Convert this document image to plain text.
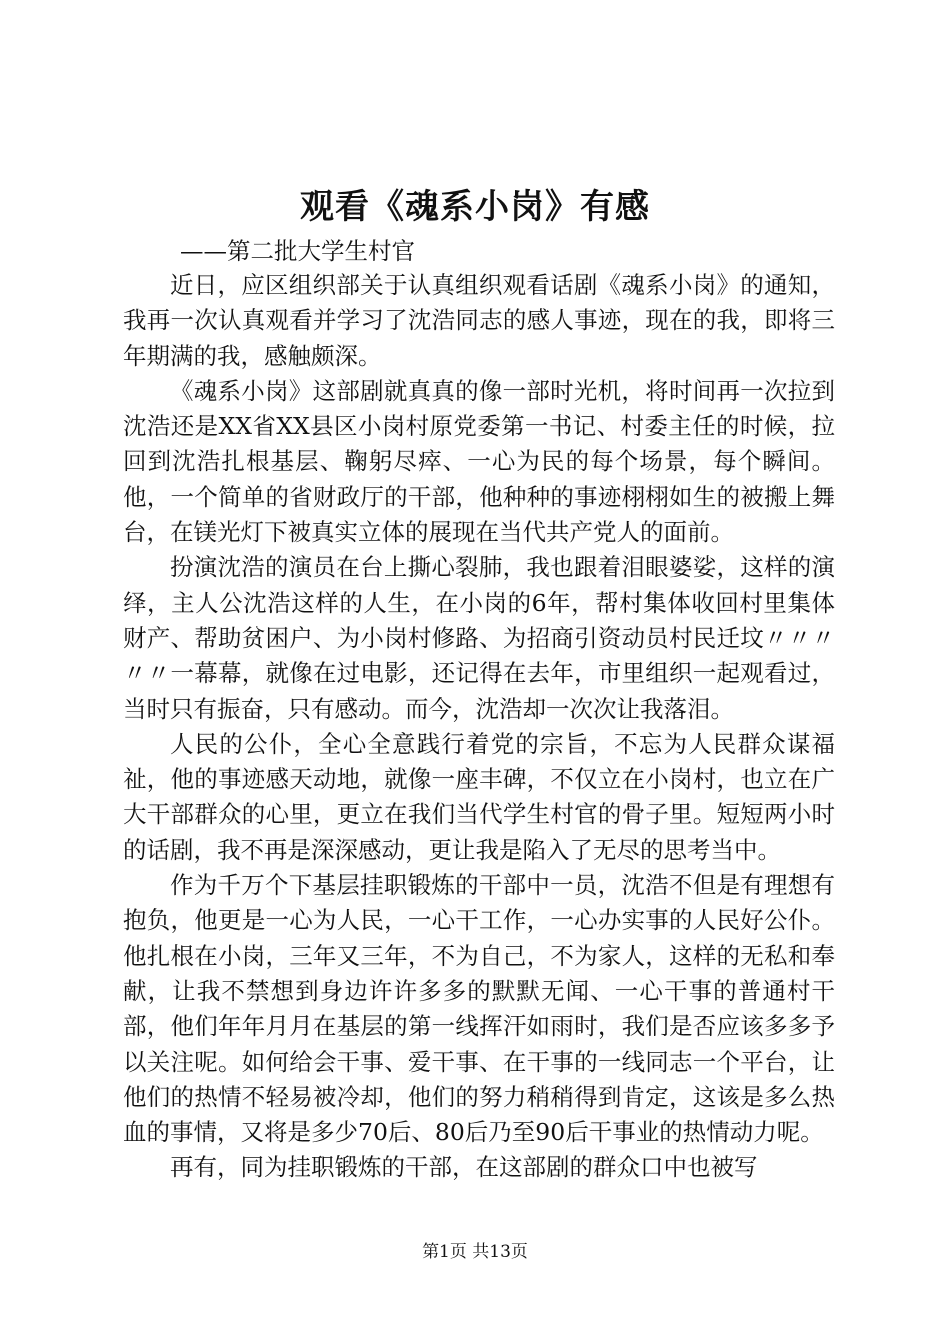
观看《魂系小岗》有感
——第二批大学生村官

近日，应区组织部关于认真组织观看话剧《魂系小岗》的通知，我再一次认真观看并学习了沈浩同志的感人事迹，现在的我，即将三年期满的我，感触颇深。

《魂系小岗》这部剧就真真的像一部时光机，将时间再一次拉到沈浩还是XX省XX县区小岗村原党委第一书记、村委主任的时候，拉回到沈浩扎根基层、鞠躬尽瘁、一心为民的每个场景，每个瞬间。他，一个简单的省财政厅的干部，他种种的事迹栩栩如生的被搬上舞台，在镁光灯下被真实立体的展现在当代共产党人的面前。

扮演沈浩的演员在台上撕心裂肺，我也跟着泪眼婆娑，这样的演绎，主人公沈浩这样的人生，在小岗的6年，帮村集体收回村里集体财产、帮助贫困户、为小岗村修路、为招商引资动员村民迁坟〃〃〃〃〃一幕幕，就像在过电影，还记得在去年，市里组织一起观看过，当时只有振奋，只有感动。而今，沈浩却一次次让我落泪。

人民的公仆，全心全意践行着党的宗旨，不忘为人民群众谋福祉，他的事迹感天动地，就像一座丰碑，不仅立在小岗村，也立在广大干部群众的心里，更立在我们当代学生村官的骨子里。短短两小时的话剧，我不再是深深感动，更让我是陷入了无尽的思考当中。

作为千万个下基层挂职锻炼的干部中一员，沈浩不但是有理想有抱负，他更是一心为人民，一心干工作，一心办实事的人民好公仆。他扎根在小岗，三年又三年，不为自己，不为家人，这样的无私和奉献，让我不禁想到身边许许多多的默默无闻、一心干事的普通村干部，他们年年月月在基层的第一线挥汗如雨时，我们是否应该多多予以关注呢。如何给会干事、爱干事、在干事的一线同志一个平台，让他们的热情不轻易被冷却，他们的努力稍稍得到肯定，这该是多么热血的事情，又将是多少70后、80后乃至90后干事业的热情动力呢。

再有，同为挂职锻炼的干部，在这部剧的群众口中也被写

第1页 共13页
